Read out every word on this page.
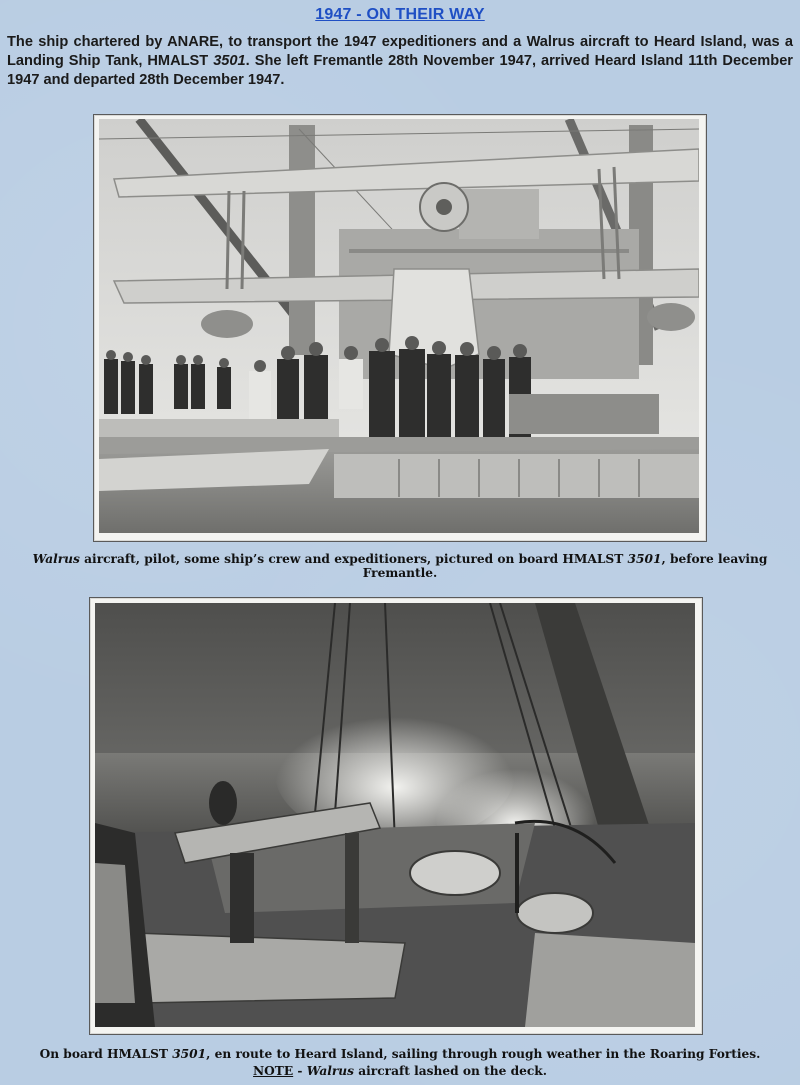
1947 - ON THEIR WAY
The ship chartered by ANARE, to transport the 1947 expeditioners and a Walrus aircraft to Heard Island, was a Landing Ship Tank, HMALST 3501. She left Fremantle 28th November 1947, arrived Heard Island 11th December 1947 and departed 28th December 1947.
Walrus aircraft, pilot, some ship’s crew and expeditioners, pictured on board HMALST 3501, before leaving Fremantle.
On board HMALST 3501, en route to Heard Island, sailing through rough weather in the Roaring Forties.
NOTE - Walrus aircraft lashed on the deck.
